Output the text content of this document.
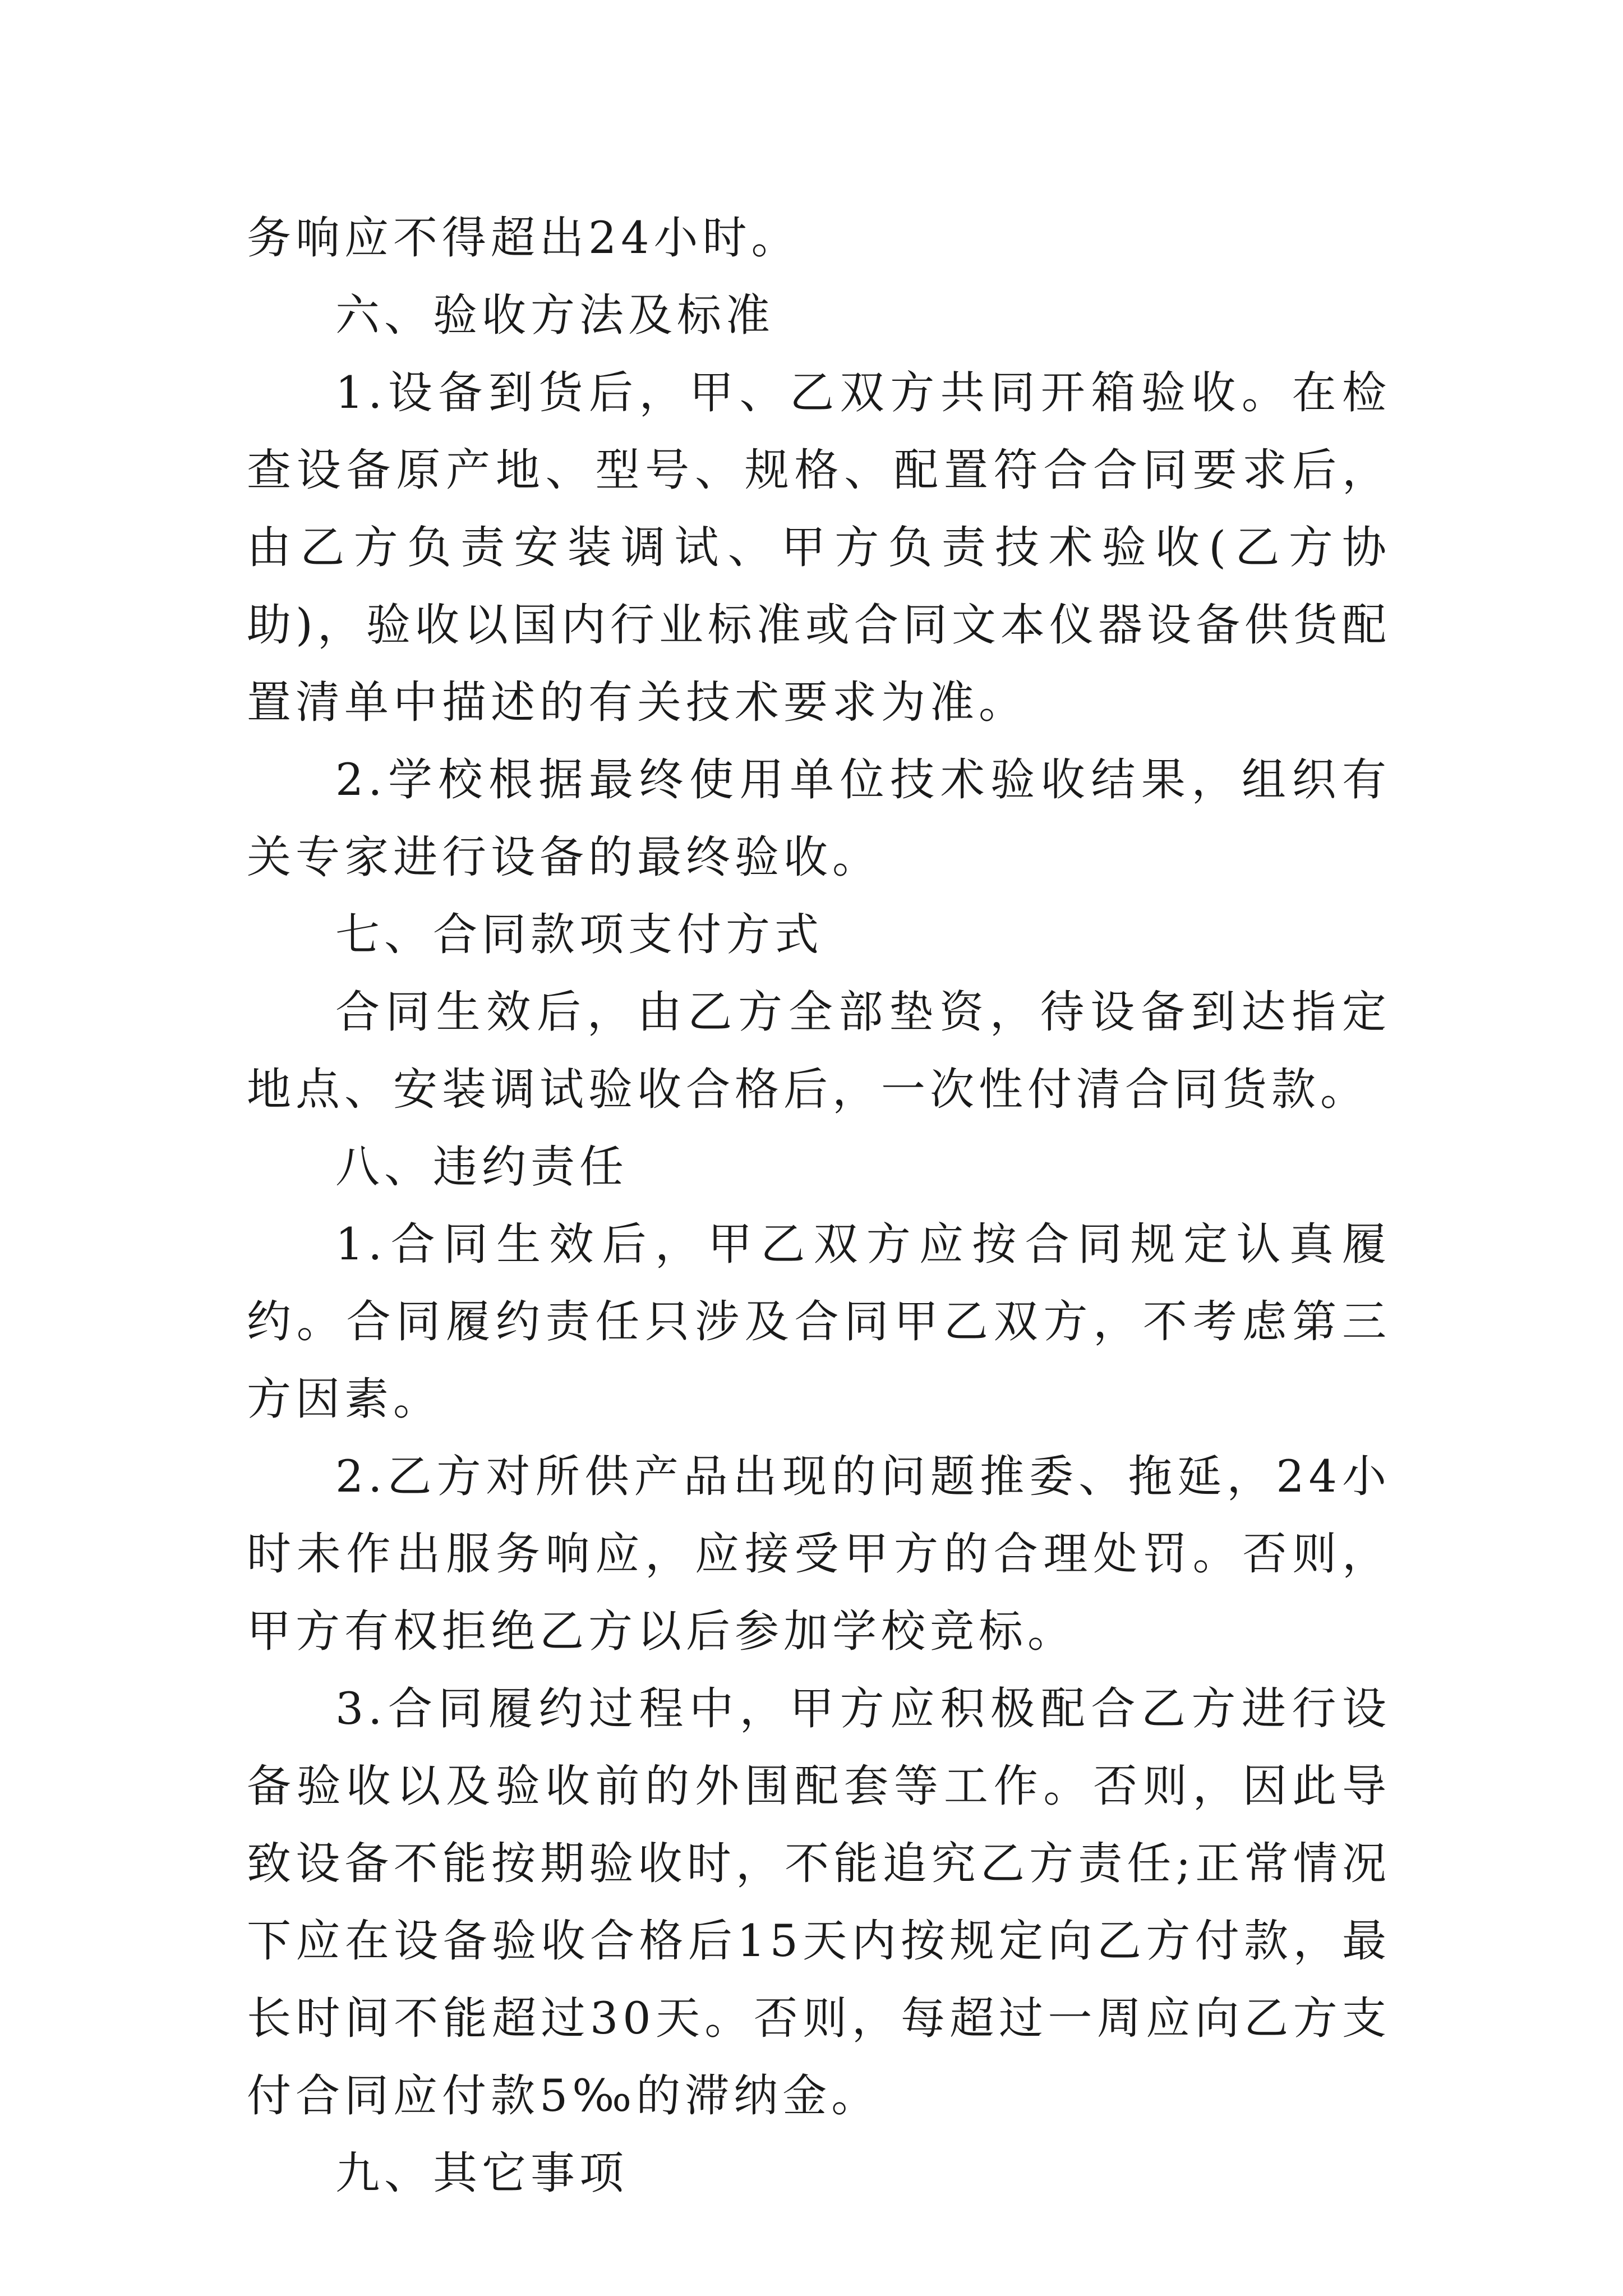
务响应不得超出24小时。

六、验收方法及标准

1.设备到货后，甲、乙双方共同开箱验收。在检查设备原产地、型号、规格、配置符合合同要求后，由乙方负责安装调试、甲方负责技术验收(乙方协助)，验收以国内行业标准或合同文本仪器设备供货配置清单中描述的有关技术要求为准。

2.学校根据最终使用单位技术验收结果，组织有关专家进行设备的最终验收。

七、合同款项支付方式

合同生效后，由乙方全部垫资，待设备到达指定地点、安装调试验收合格后，一次性付清合同货款。

八、违约责任

1.合同生效后，甲乙双方应按合同规定认真履约。合同履约责任只涉及合同甲乙双方，不考虑第三方因素。

2.乙方对所供产品出现的问题推委、拖延，24小时未作出服务响应，应接受甲方的合理处罚。否则，甲方有权拒绝乙方以后参加学校竞标。

3.合同履约过程中，甲方应积极配合乙方进行设备验收以及验收前的外围配套等工作。否则，因此导致设备不能按期验收时，不能追究乙方责任;正常情况下应在设备验收合格后15天内按规定向乙方付款，最长时间不能超过30天。否则，每超过一周应向乙方支付合同应付款5‰的滞纳金。

九、其它事项
